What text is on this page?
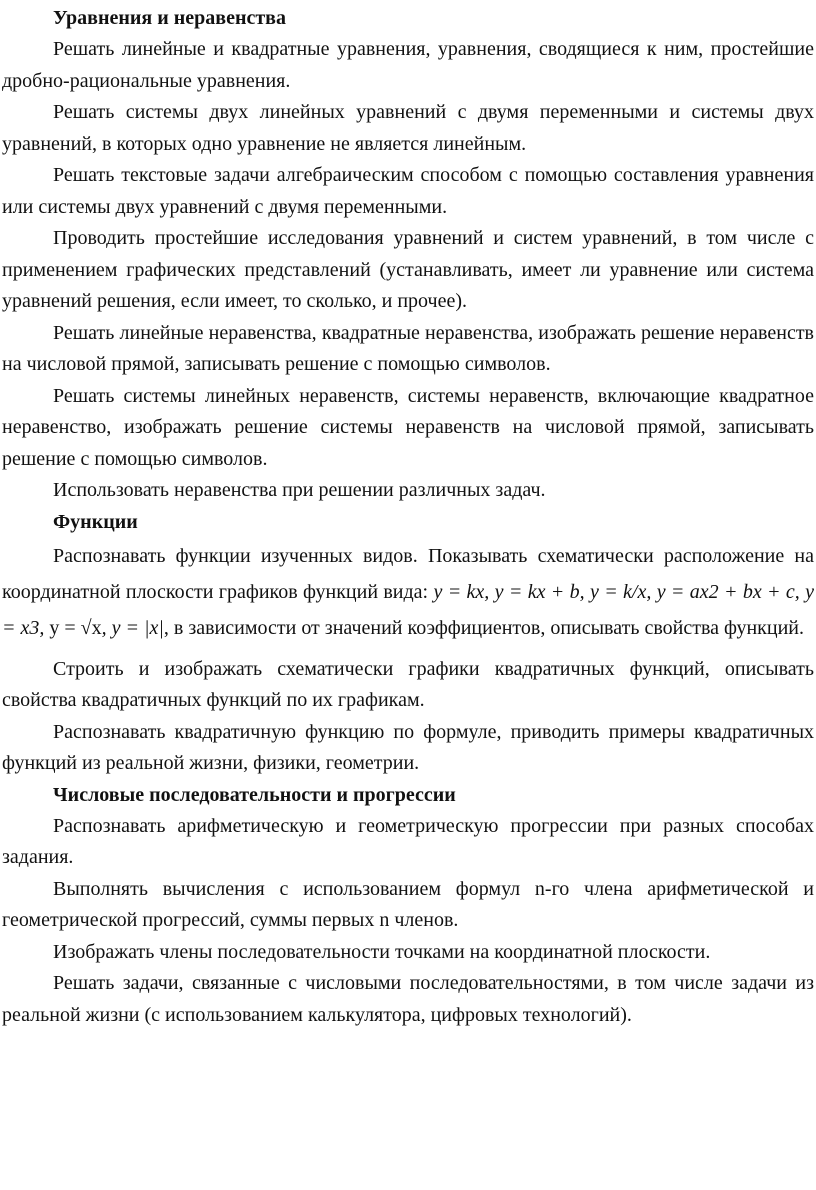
Уравнения и неравенства

Решать линейные и квадратные уравнения, уравнения, сводящиеся к ним, простейшие дробно-рациональные уравнения.

Решать системы двух линейных уравнений с двумя переменными и системы двух уравнений, в которых одно уравнение не является линейным.

Решать текстовые задачи алгебраическим способом с помощью составления уравнения или системы двух уравнений с двумя переменными.

Проводить простейшие исследования уравнений и систем уравнений, в том числе с применением графических представлений (устанавливать, имеет ли уравнение или система уравнений решения, если имеет, то сколько, и прочее).

Решать линейные неравенства, квадратные неравенства, изображать решение неравенств на числовой прямой, записывать решение с помощью символов.

Решать системы линейных неравенств, системы неравенств, включающие квадратное неравенство, изображать решение системы неравенств на числовой прямой, записывать решение с помощью символов.

Использовать неравенства при решении различных задач.

Функции

Распознавать функции изученных видов. Показывать схематически расположение на координатной плоскости графиков функций вида: y = kx, y = kx + b, y = k/x, y = ax2 + bx + c, y = x3, y = √x, y = |x|, в зависимости от значений коэффициентов, описывать свойства функций.

Строить и изображать схематически графики квадратичных функций, описывать свойства квадратичных функций по их графикам.

Распознавать квадратичную функцию по формуле, приводить примеры квадратичных функций из реальной жизни, физики, геометрии.

Числовые последовательности и прогрессии

Распознавать арифметическую и геометрическую прогрессии при разных способах задания.

Выполнять вычисления с использованием формул n-го члена арифметической и геометрической прогрессий, суммы первых n членов.

Изображать члены последовательности точками на координатной плоскости.

Решать задачи, связанные с числовыми последовательностями, в том числе задачи из реальной жизни (с использованием калькулятора, цифровых технологий).
